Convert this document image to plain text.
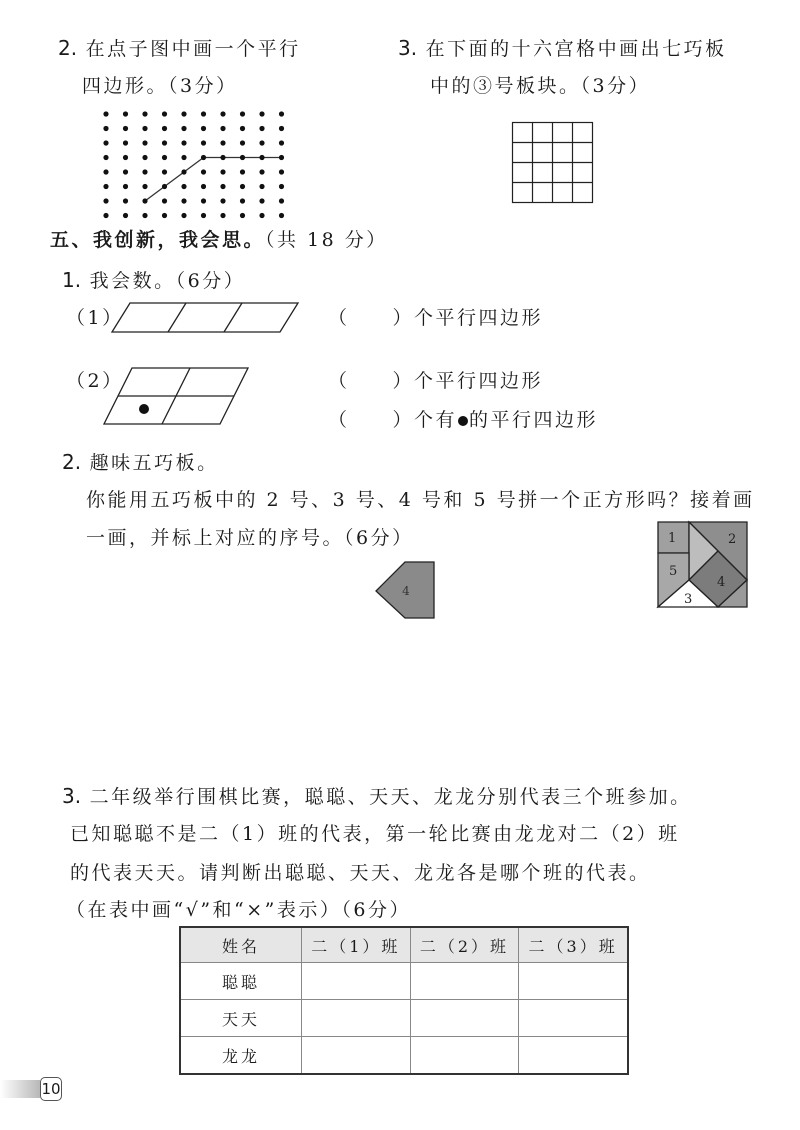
2. 在点子图中画一个平行
四边形。（3分）
3. 在下面的十六宫格中画出七巧板
中的③号板块。（3分）
五、我创新，我会思。（共 18 分）
1. 我会数。（6分）
（1）	（　　）个平行四边形
（2）	（　　）个平行四边形
（　　）个有 的平行四边形
2. 趣味五巧板。
你能用五巧板中的 2 号、3 号、4 号和 5 号拼一个正方形吗？接着画
一画，并标上对应的序号。（6分）	1	2
3
4
5
4
3. 二年级举行围棋比赛，聪聪、天天、龙龙分别代表三个班参加。
已知聪聪不是二（1）班的代表，第一轮比赛由龙龙对二（2）班
的代表天天。请判断出聪聪、天天、龙龙各是哪个班的代表。
（在表中画“√”和“×”表示）（6分）
姓名	二（1）班	二（2）班	二（3）班
聪聪			
天天			
龙龙			
10
